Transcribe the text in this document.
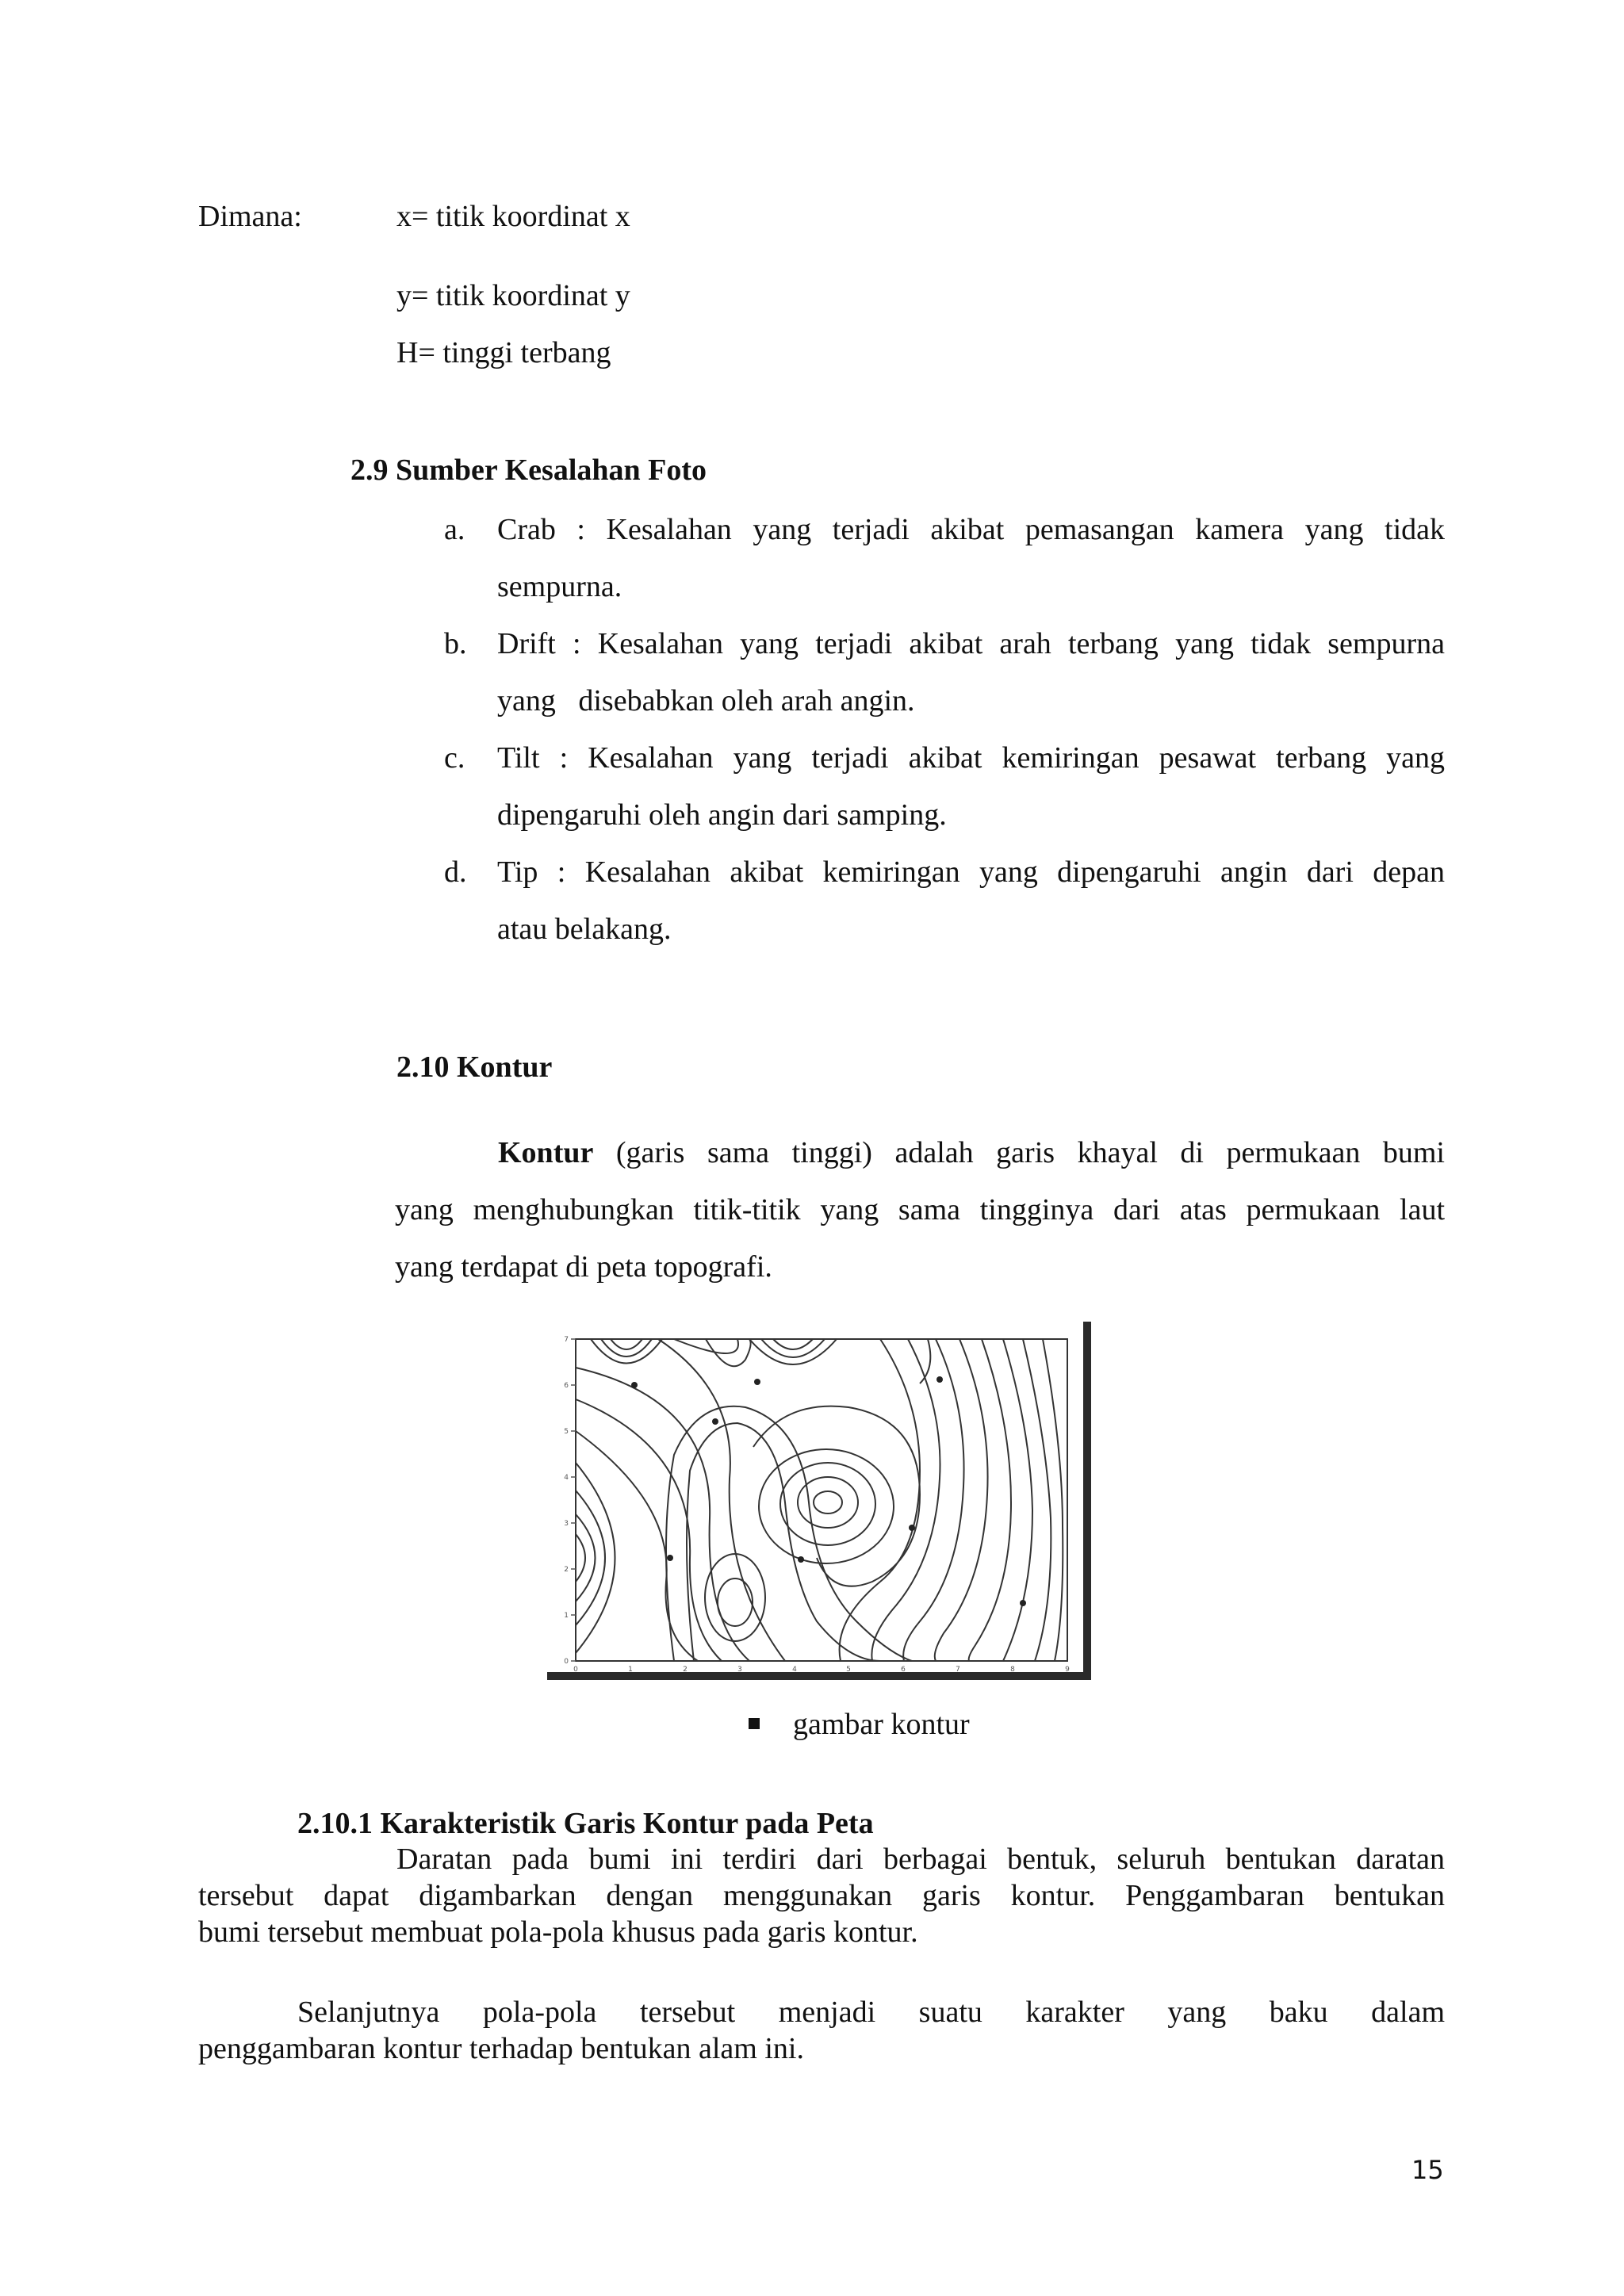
Dimana:	x= titik koordinat x
y= titik koordinat y
H= tinggi terbang
2.9 Sumber Kesalahan Foto
a. Crab : Kesalahan yang terjadi akibat pemasangan kamera yang tidak
sempurna.
b. Drift : Kesalahan yang terjadi akibat arah terbang yang tidak sempurna
yang   disebabkan oleh arah angin.
c. Tilt : Kesalahan yang terjadi akibat kemiringan pesawat terbang yang
dipengaruhi oleh angin dari samping.
d. Tip : Kesalahan akibat kemiringan yang dipengaruhi angin dari depan
atau belakang.
2.10 Kontur
Kontur (garis sama tinggi) adalah garis khayal di permukaan bumi
yang menghubungkan titik-titik yang sama tingginya dari atas permukaan laut
yang terdapat di peta topografi.
0
1
2
3
4
5
6
7
0	1	2	3	4	5	6	7	8	9
gambar kontur
2.10.1 Karakteristik Garis Kontur pada Peta
Daratan pada bumi ini terdiri dari berbagai bentuk, seluruh bentukan daratan
tersebut dapat digambarkan dengan menggunakan garis kontur. Penggambaran bentukan
bumi tersebut membuat pola-pola khusus pada garis kontur.
Selanjutnya pola-pola tersebut menjadi suatu karakter yang baku dalam
penggambaran kontur terhadap bentukan alam ini.
15
